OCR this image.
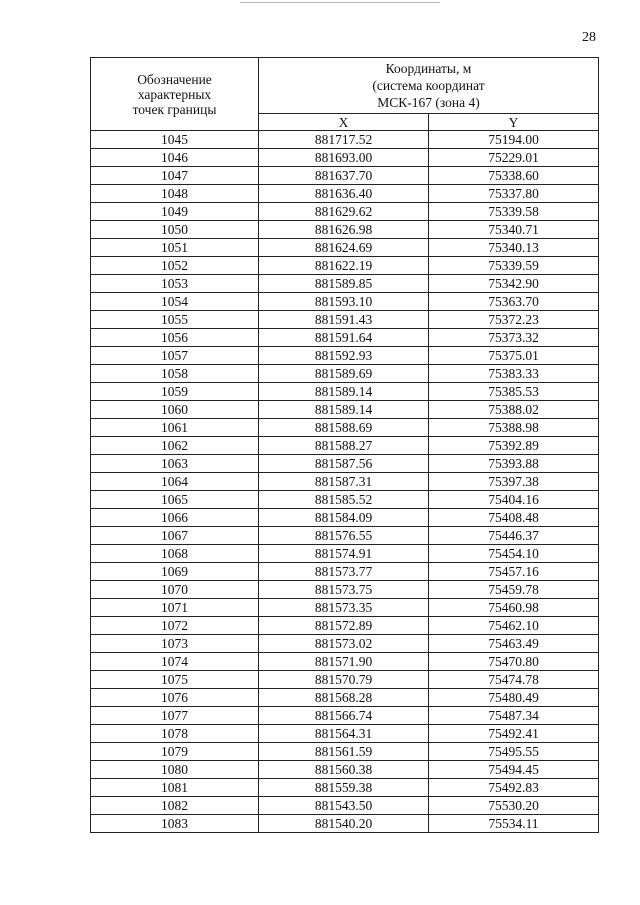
28
Обозначение
характерных
точек границы	Координаты, м
(система координат
МСК-167 (зона 4)	

	X	Y
1045	881717.52	75194.00
1046	881693.00	75229.01
1047	881637.70	75338.60
1048	881636.40	75337.80
1049	881629.62	75339.58
1050	881626.98	75340.71
1051	881624.69	75340.13
1052	881622.19	75339.59
1053	881589.85	75342.90
1054	881593.10	75363.70
1055	881591.43	75372.23
1056	881591.64	75373.32
1057	881592.93	75375.01
1058	881589.69	75383.33
1059	881589.14	75385.53
1060	881589.14	75388.02
1061	881588.69	75388.98
1062	881588.27	75392.89
1063	881587.56	75393.88
1064	881587.31	75397.38
1065	881585.52	75404.16
1066	881584.09	75408.48
1067	881576.55	75446.37
1068	881574.91	75454.10
1069	881573.77	75457.16
1070	881573.75	75459.78
1071	881573.35	75460.98
1072	881572.89	75462.10
1073	881573.02	75463.49
1074	881571.90	75470.80
1075	881570.79	75474.78
1076	881568.28	75480.49
1077	881566.74	75487.34
1078	881564.31	75492.41
1079	881561.59	75495.55
1080	881560.38	75494.45
1081	881559.38	75492.83
1082	881543.50	75530.20
1083	881540.20	75534.11
